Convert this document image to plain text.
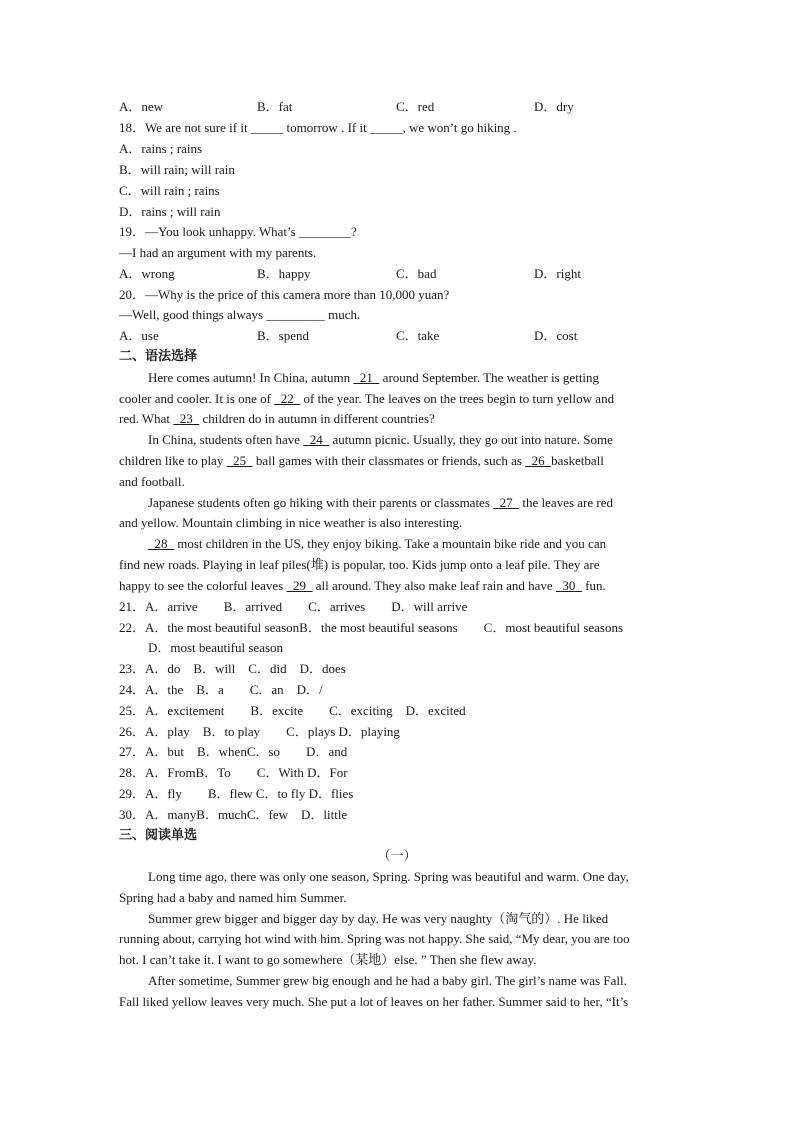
A．new	B．fat	C．red	D．dry
18．We are not sure if it _____ tomorrow . If it _____, we won’t go hiking .
A．rains ; rains
B．will rain; will rain
C．will rain ; rains
D．rains ; will rain
19．—You look unhappy. What’s ________?
—I had an argument with my parents.
A．wrong	B．happy	C．bad	D．right
20．—Why is the price of this camera more than 10,000 yuan?
—Well, good things always _________ much.
A．use	B．spend	C．take	D．cost
二、语法选择
Here comes autumn! In China, autumn   21   around September. The weather is getting
cooler and cooler. It is one of   22   of the year. The leaves on the trees begin to turn yellow and
red. What   23   children do in autumn in different countries?
In China, students often have   24   autumn picnic. Usually, they go out into nature. Some
children like to play   25   ball games with their classmates or friends, such as   26 basketball
and football.
Japanese students often go hiking with their parents or classmates   27   the leaves are red
and yellow. Mountain climbing in nice weather is also interesting.
28   most children in the US, they enjoy biking. Take a mountain bike ride and you can
find new roads. Playing in leaf piles(堆) is popular, too. Kids jump onto a leaf pile. They are
happy to see the colorful leaves   29   all around. They also make leaf rain and have   30   fun.
21．A．arrive　　B．arrived　　C．arrives　　D．will arrive
22．A．the most beautiful seasonB．the most beautiful seasons　　C．most beautiful seasons
D．most beautiful season
23．A．do　B．will　C．did　D．does
24．A．the　B．a　　C．an　D．/
25．A．excitement　　B．excite　　C．exciting　D．excited
26．A．play　B．to play　　C．plays D．playing
27．A．but　B．whenC．so　　D．and
28．A．FromB．To　　C．With D．For
29．A．fly　　B．flew C．to fly D．flies
30．A．manyB．muchC．few　D．little
三、阅读单选
（一）
Long time ago, there was only one season, Spring. Spring was beautiful and warm. One day,
Spring had a baby and named him Summer.
Summer grew bigger and bigger day by day. He was very naughty（淘气的）. He liked
running about, carrying hot wind with him. Spring was not happy. She said, “My dear, you are too
hot. I can’t take it. I want to go somewhere（某地）else. ” Then she flew away.
After sometime, Summer grew big enough and he had a baby girl. The girl’s name was Fall.
Fall liked yellow leaves very much. She put a lot of leaves on her father. Summer said to her, “It’s
